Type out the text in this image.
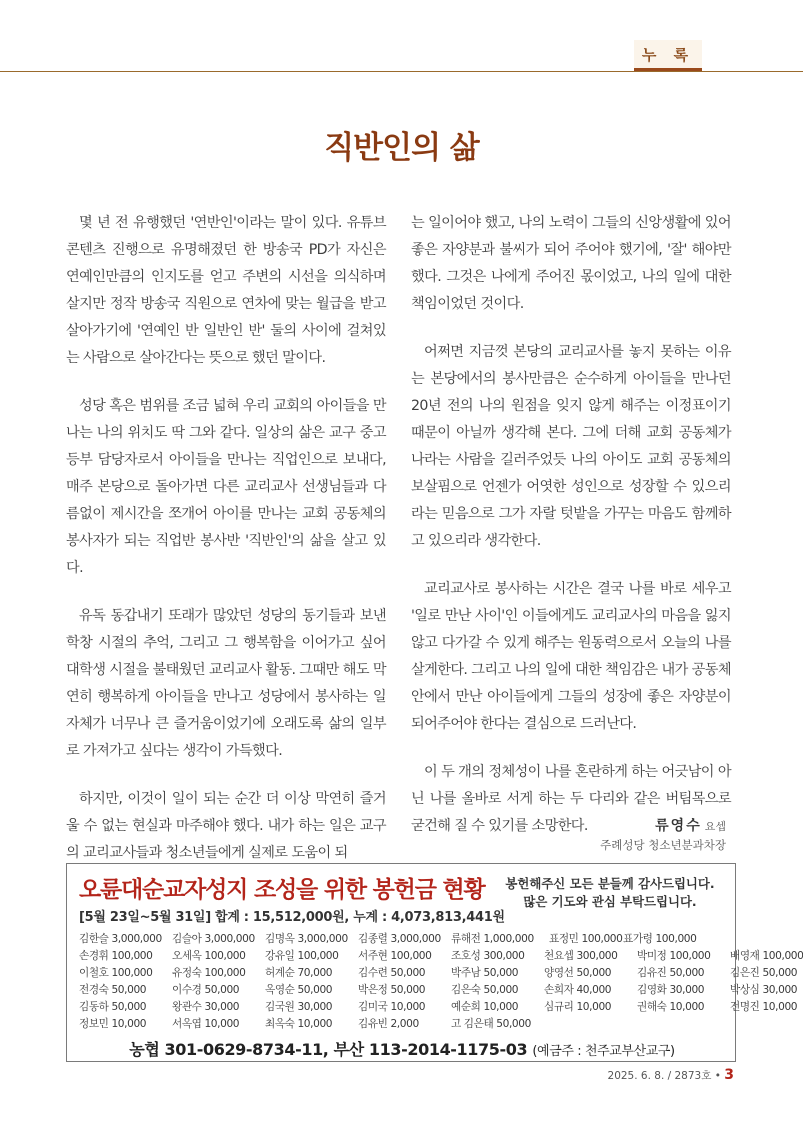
누 록
직반인의 삶

몇 년 전 유행했던 '연반인'이라는 말이 있다. 유튜브 콘텐츠 진행으로 유명해졌던 한 방송국 PD가 자신은 연예인만큼의 인지도를 얻고 주변의 시선을 의식하며 살지만 정작 방송국 직원으로 연차에 맞는 월급을 받고 살아가기에 '연예인 반 일반인 반' 둘의 사이에 걸쳐있는 사람으로 살아간다는 뜻으로 했던 말이다.

성당 혹은 범위를 조금 넓혀 우리 교회의 아이들을 만나는 나의 위치도 딱 그와 같다. 일상의 삶은 교구 중고등부 담당자로서 아이들을 만나는 직업인으로 보내다, 매주 본당으로 돌아가면 다른 교리교사 선생님들과 다름없이 제시간을 쪼개어 아이를 만나는 교회 공동체의 봉사자가 되는 직업반 봉사반 '직반인'의 삶을 살고 있다.

유독 동갑내기 또래가 많았던 성당의 동기들과 보낸 학창 시절의 추억, 그리고 그 행복함을 이어가고 싶어 대학생 시절을 불태웠던 교리교사 활동. 그때만 해도 막연히 행복하게 아이들을 만나고 성당에서 봉사하는 일 자체가 너무나 큰 즐거움이었기에 오래도록 삶의 일부로 가져가고 싶다는 생각이 가득했다.

하지만, 이것이 일이 되는 순간 더 이상 막연히 즐거울 수 없는 현실과 마주해야 했다. 내가 하는 일은 교구의 교리교사들과 청소년들에게 실제로 도움이 되

는 일이어야 했고, 나의 노력이 그들의 신앙생활에 있어 좋은 자양분과 불씨가 되어 주어야 했기에, '잘' 해야만 했다. 그것은 나에게 주어진 몫이었고, 나의 일에 대한 책임이었던 것이다.

어쩌면 지금껏 본당의 교리교사를 놓지 못하는 이유는 본당에서의 봉사만큼은 순수하게 아이들을 만나던 20년 전의 나의 원점을 잊지 않게 해주는 이정표이기 때문이 아닐까 생각해 본다. 그에 더해 교회 공동체가 나라는 사람을 길러주었듯 나의 아이도 교회 공동체의 보살핌으로 언젠가 어엿한 성인으로 성장할 수 있으리라는 믿음으로 그가 자랄 텃밭을 가꾸는 마음도 함께하고 있으리라 생각한다.

교리교사로 봉사하는 시간은 결국 나를 바로 세우고 '일로 만난 사이'인 이들에게도 교리교사의 마음을 잃지 않고 다가갈 수 있게 해주는 원동력으로서 오늘의 나를 살게한다. 그리고 나의 일에 대한 책임감은 내가 공동체 안에서 만난 아이들에게 그들의 성장에 좋은 자양분이 되어주어야 한다는 결심으로 드러난다.

이 두 개의 정체성이 나를 혼란하게 하는 어긋남이 아닌 나를 올바로 서게 하는 두 다리와 같은 버팀목으로 굳건해 질 수 있기를 소망한다.	류영수 요셉
주례성당 청소년분과차장
오륜대순교자성지 조성을 위한 봉헌금 현황	봉헌해주신 모든 분들께 감사드립니다.
많은 기도와 관심 부탁드립니다.
[5월 23일~5월 31일] 합계 : 15,512,000원, 누계 : 4,073,813,441원
김한슬 3,000,000 김슬아 3,000,000 김명옥 3,000,000 김종렬 3,000,000 류해전 1,000,000	표정민 100,000 표가령 100,000
손경휘 100,000	오세옥 100,000	강유일 100,000	서주현 100,000	조호성 300,000	천요셉 300,000	박미정 100,000	배영재 100,000
이철호 100,000	유정숙 100,000	허계순 70,000	김수련 50,000	박주남 50,000	양영선 50,000	김유진 50,000	김은진 50,000
전경숙 50,000	이수경 50,000	옥영순 50,000	박은정 50,000	김은숙 50,000	손희자 40,000	김영화 30,000	박상심 30,000
김동하 50,000	왕관수 30,000	김국원 30,000	김미국 10,000	예순희 10,000	심규리 10,000	권해숙 10,000	전명진 10,000
정보민 10,000	서옥엽 10,000	최옥숙 10,000	김유빈 2,000	고 김은태 50,000
농협 301-0629-8734-11, 부산 113-2014-1175-03 (예금주 : 천주교부산교구)
2025. 6. 8. / 2873호 • 3
